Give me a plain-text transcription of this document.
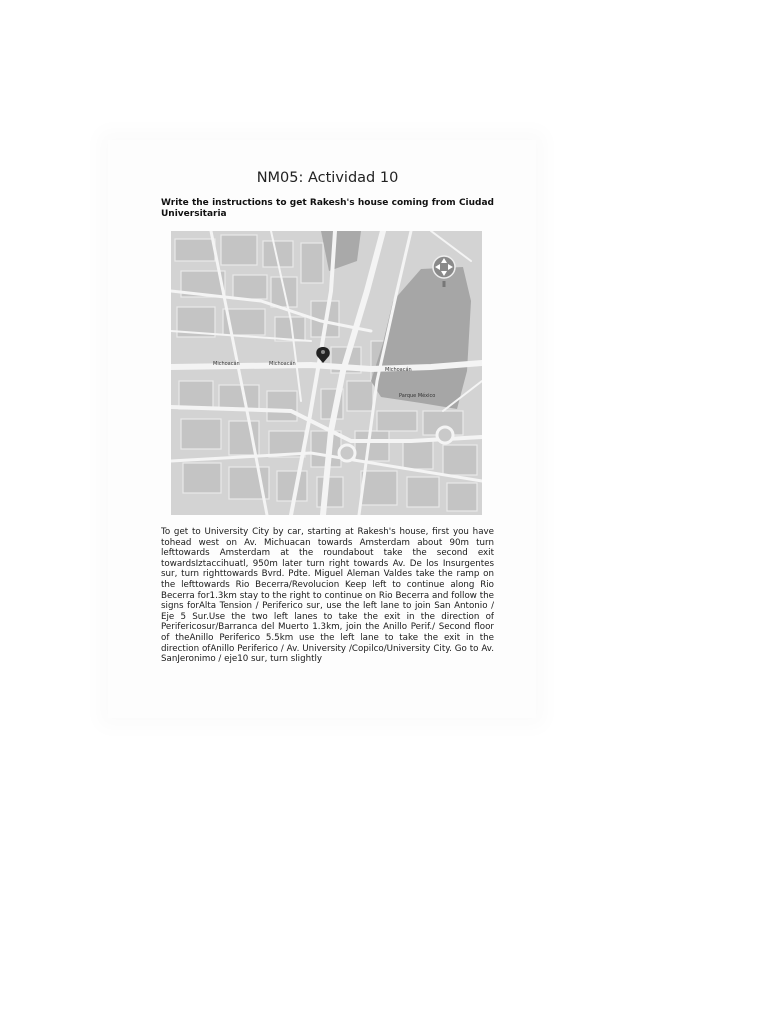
NM05: Actividad 10
Write the instructions to get Rakesh's house coming from Ciudad Universitaria
Michoacán	Michoacán
Michoacán
Parque México
To get to University City by car, starting at Rakesh's house, first you have tohead west on Av. Michuacan towards Amsterdam about 90m turn lefttowards Amsterdam at the roundabout take the second exit towardsIztaccihuatl, 950m later turn right towards Av. De los Insurgentes sur, turn righttowards Bvrd. Pdte. Miguel Aleman Valdes take the ramp on the lefttowards Rio Becerra/Revolucion Keep left to continue along Rio Becerra for1.3km stay to the right to continue on Rio Becerra and follow the signs forAlta Tension / Periferico sur, use the left lane to join San Antonio / Eje 5 Sur.Use the two left lanes to take the exit in the direction of Perifericosur/Barranca del Muerto 1.3km, join the Anillo Perif./ Second floor of theAnillo Periferico 5.5km use the left lane to take the exit in the direction ofAnillo Periferico / Av. University /Copilco/University City. Go to Av. SanJeronimo / eje10 sur, turn slightly
